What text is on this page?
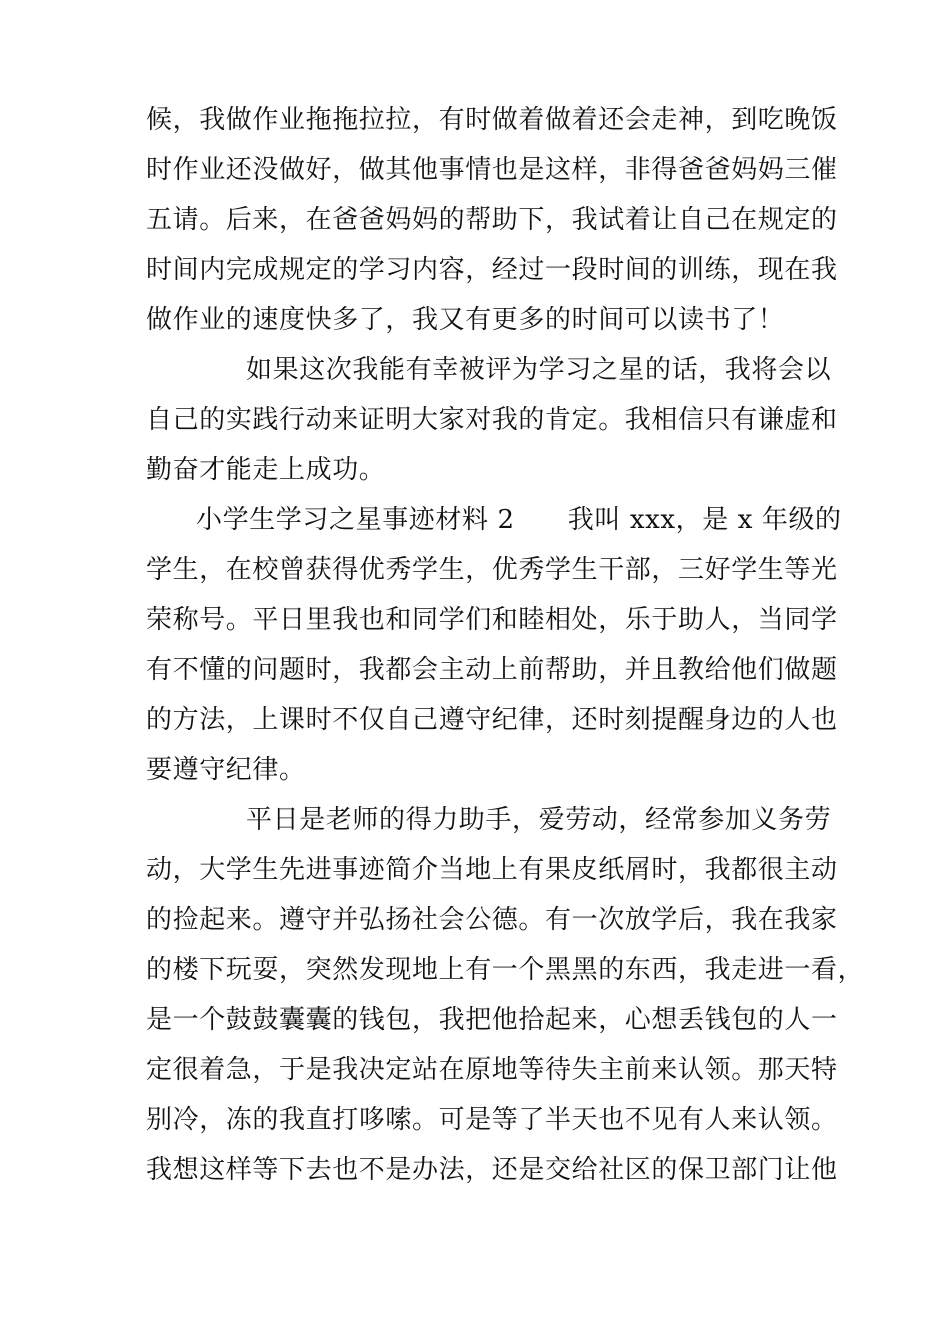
候，我做作业拖拖拉拉，有时做着做着还会走神，到吃晚饭
时作业还没做好，做其他事情也是这样，非得爸爸妈妈三催
五请。后来，在爸爸妈妈的帮助下，我试着让自己在规定的
时间内完成规定的学习内容，经过一段时间的训练，现在我
做作业的速度快多了，我又有更多的时间可以读书了！
如果这次我能有幸被评为学习之星的话，我将会以
自己的实践行动来证明大家对我的肯定。我相信只有谦虚和
勤奋才能走上成功。
小学生学习之星事迹材料 2      我叫 xxx，是 x 年级的
学生，在校曾获得优秀学生，优秀学生干部，三好学生等光
荣称号。平日里我也和同学们和睦相处，乐于助人，当同学
有不懂的问题时，我都会主动上前帮助，并且教给他们做题
的方法，上课时不仅自己遵守纪律，还时刻提醒身边的人也
要遵守纪律。
平日是老师的得力助手，爱劳动，经常参加义务劳
动，大学生先进事迹简介当地上有果皮纸屑时，我都很主动
的捡起来。遵守并弘扬社会公德。有一次放学后，我在我家
的楼下玩耍，突然发现地上有一个黑黑的东西，我走进一看，
是一个鼓鼓囊囊的钱包，我把他拾起来，心想丢钱包的人一
定很着急，于是我决定站在原地等待失主前来认领。那天特
别冷，冻的我直打哆嗦。可是等了半天也不见有人来认领。
我想这样等下去也不是办法，还是交给社区的保卫部门让他
